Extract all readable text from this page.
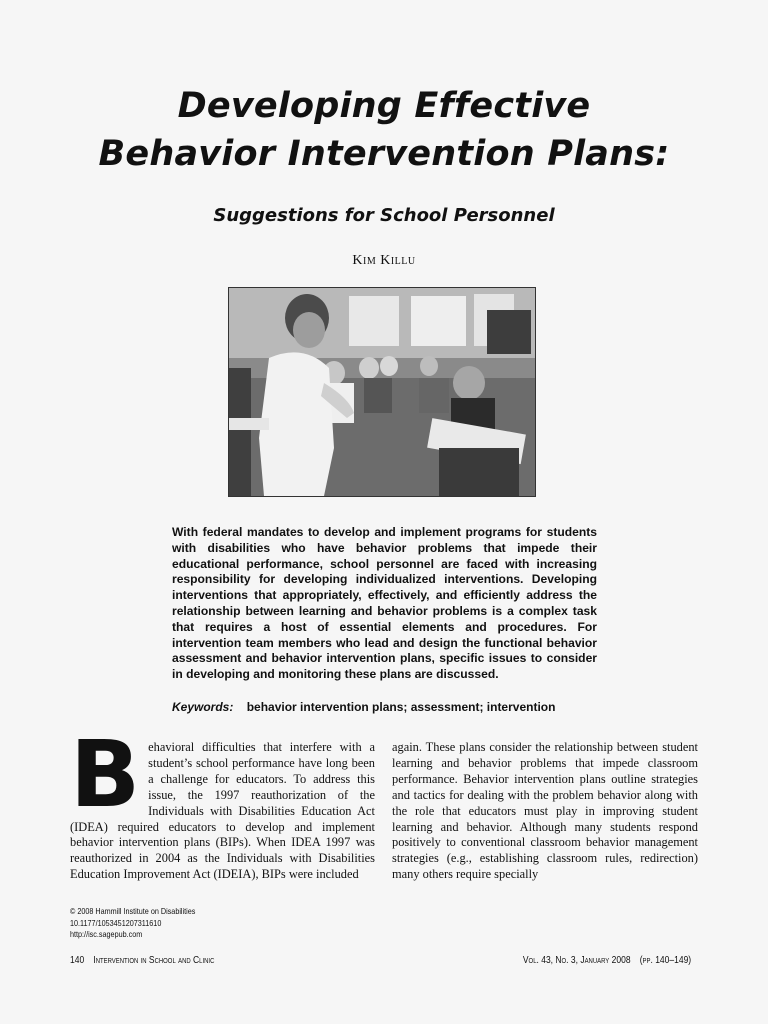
Developing Effective
Behavior Intervention Plans:
Suggestions for School Personnel
Kim Killu
With federal mandates to develop and implement programs for students with disabilities who have behavior problems that impede their educational performance, school personnel are faced with increasing responsibility for developing individualized interventions. Developing interventions that appropriately, effectively, and efficiently address the relationship between learning and behavior problems is a complex task that requires a host of essential elements and procedures. For intervention team members who lead and design the functional behavior assessment and behavior intervention plans, specific issues to consider in developing and monitoring these plans are discussed.
Keywords: behavior intervention plans; assessment; intervention
B ehavioral difficulties that interfere with a student’s school performance have long been a challenge for educators. To address this issue, the 1997 reauthorization of the Individuals with Disabilities Education Act (IDEA) required educators to develop and implement behavior intervention plans (BIPs). When IDEA 1997 was reauthorized in 2004 as the Individuals with Disabilities Education Improvement Act (IDEIA), BIPs were included
again. These plans consider the relationship between student learning and behavior problems that impede classroom performance. Behavior intervention plans outline strategies and tactics for dealing with the problem behavior along with the role that educators must play in improving student learning and behavior. Although many students respond positively to conventional classroom behavior management strategies (e.g., establishing classroom rules, redirection) many others require specially
© 2008 Hammill Institute on Disabilities
10.1177/1053451207311610
http://isc.sagepub.com
140 Intervention in School and Clinic	Vol. 43, No. 3, January 2008 (pp. 140–149)
